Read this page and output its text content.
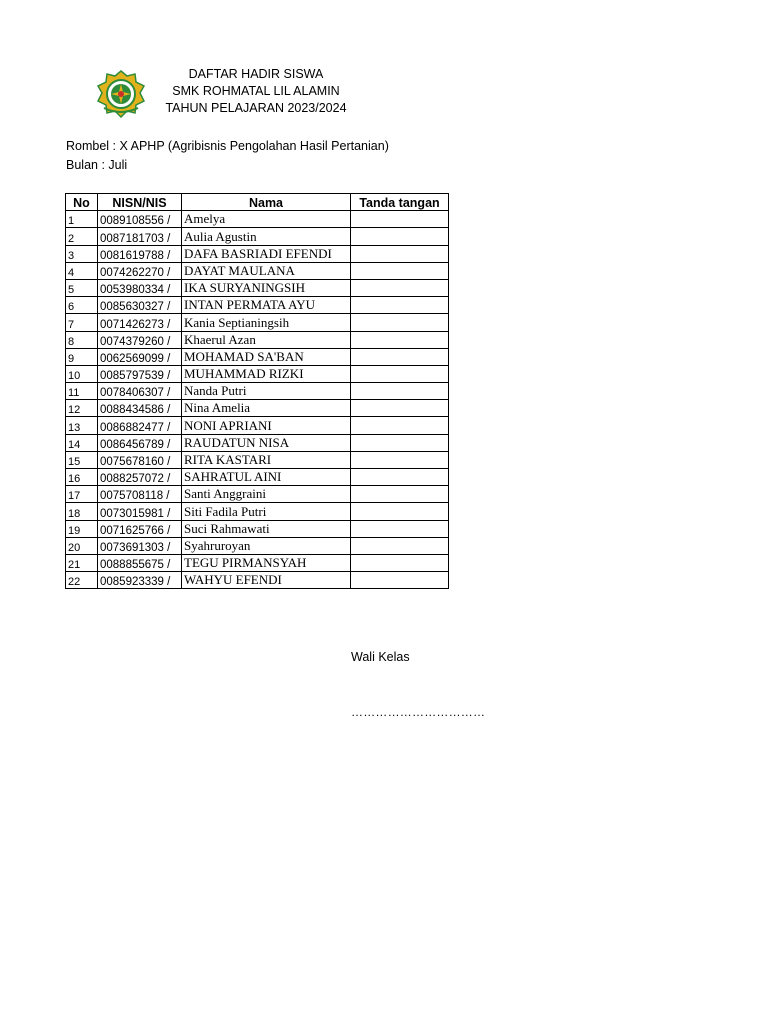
DAFTAR HADIR SISWA
SMK ROHMATAL LIL ALAMIN
TAHUN PELAJARAN 2023/2024
Rombel : X APHP (Agribisnis Pengolahan Hasil Pertanian)
Bulan : Juli
No	NISN/NIS	Nama	Tanda tangan
1	0089108556 /	Amelya	
2	0087181703 /	Aulia Agustin	
3	0081619788 /	DAFA BASRIADI EFENDI	
4	0074262270 /	DAYAT MAULANA	
5	0053980334 /	IKA SURYANINGSIH	
6	0085630327 /	INTAN PERMATA AYU	
7	0071426273 /	Kania Septianingsih	
8	0074379260 /	Khaerul Azan	
9	0062569099 /	MOHAMAD SA'BAN	
10	0085797539 /	MUHAMMAD RIZKI	
11	0078406307 /	Nanda Putri	
12	0088434586 /	Nina Amelia	
13	0086882477 /	NONI APRIANI	
14	0086456789 /	RAUDATUN NISA	
15	0075678160 /	RITA KASTARI	
16	0088257072 /	SAHRATUL AINI	
17	0075708118 /	Santi Anggraini	
18	0073015981 /	Siti Fadila Putri	
19	0071625766 /	Suci Rahmawati	
20	0073691303 /	Syahruroyan	
21	0088855675 /	TEGU PIRMANSYAH	
22	0085923339 /	WAHYU EFENDI	
Wali Kelas
……………………………
